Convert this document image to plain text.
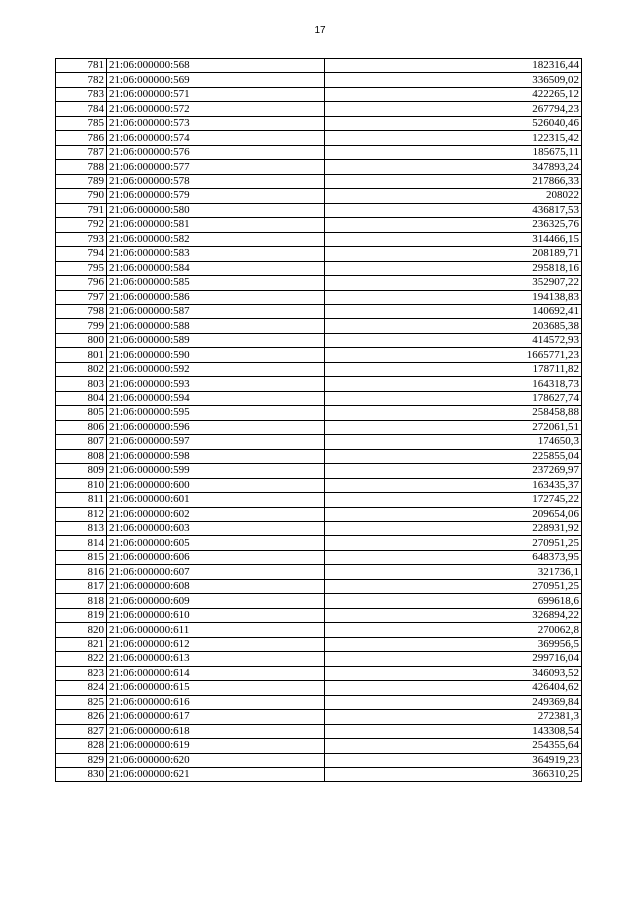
17
781	21:06:000000:568	182316,44
782	21:06:000000:569	336509,02
783	21:06:000000:571	422265,12
784	21:06:000000:572	267794,23
785	21:06:000000:573	526040,46
786	21:06:000000:574	122315,42
787	21:06:000000:576	185675,11
788	21:06:000000:577	347893,24
789	21:06:000000:578	217866,33
790	21:06:000000:579	208022
791	21:06:000000:580	436817,53
792	21:06:000000:581	236325,76
793	21:06:000000:582	314466,15
794	21:06:000000:583	208189,71
795	21:06:000000:584	295818,16
796	21:06:000000:585	352907,22
797	21:06:000000:586	194138,83
798	21:06:000000:587	140692,41
799	21:06:000000:588	203685,38
800	21:06:000000:589	414572,93
801	21:06:000000:590	1665771,23
802	21:06:000000:592	178711,82
803	21:06:000000:593	164318,73
804	21:06:000000:594	178627,74
805	21:06:000000:595	258458,88
806	21:06:000000:596	272061,51
807	21:06:000000:597	174650,3
808	21:06:000000:598	225855,04
809	21:06:000000:599	237269,97
810	21:06:000000:600	163435,37
811	21:06:000000:601	172745,22
812	21:06:000000:602	209654,06
813	21:06:000000:603	228931,92
814	21:06:000000:605	270951,25
815	21:06:000000:606	648373,95
816	21:06:000000:607	321736,1
817	21:06:000000:608	270951,25
818	21:06:000000:609	699618,6
819	21:06:000000:610	326894,22
820	21:06:000000:611	270062,8
821	21:06:000000:612	369956,5
822	21:06:000000:613	299716,04
823	21:06:000000:614	346093,52
824	21:06:000000:615	426404,62
825	21:06:000000:616	249369,84
826	21:06:000000:617	272381,3
827	21:06:000000:618	143308,54
828	21:06:000000:619	254355,64
829	21:06:000000:620	364919,23
830	21:06:000000:621	366310,25
